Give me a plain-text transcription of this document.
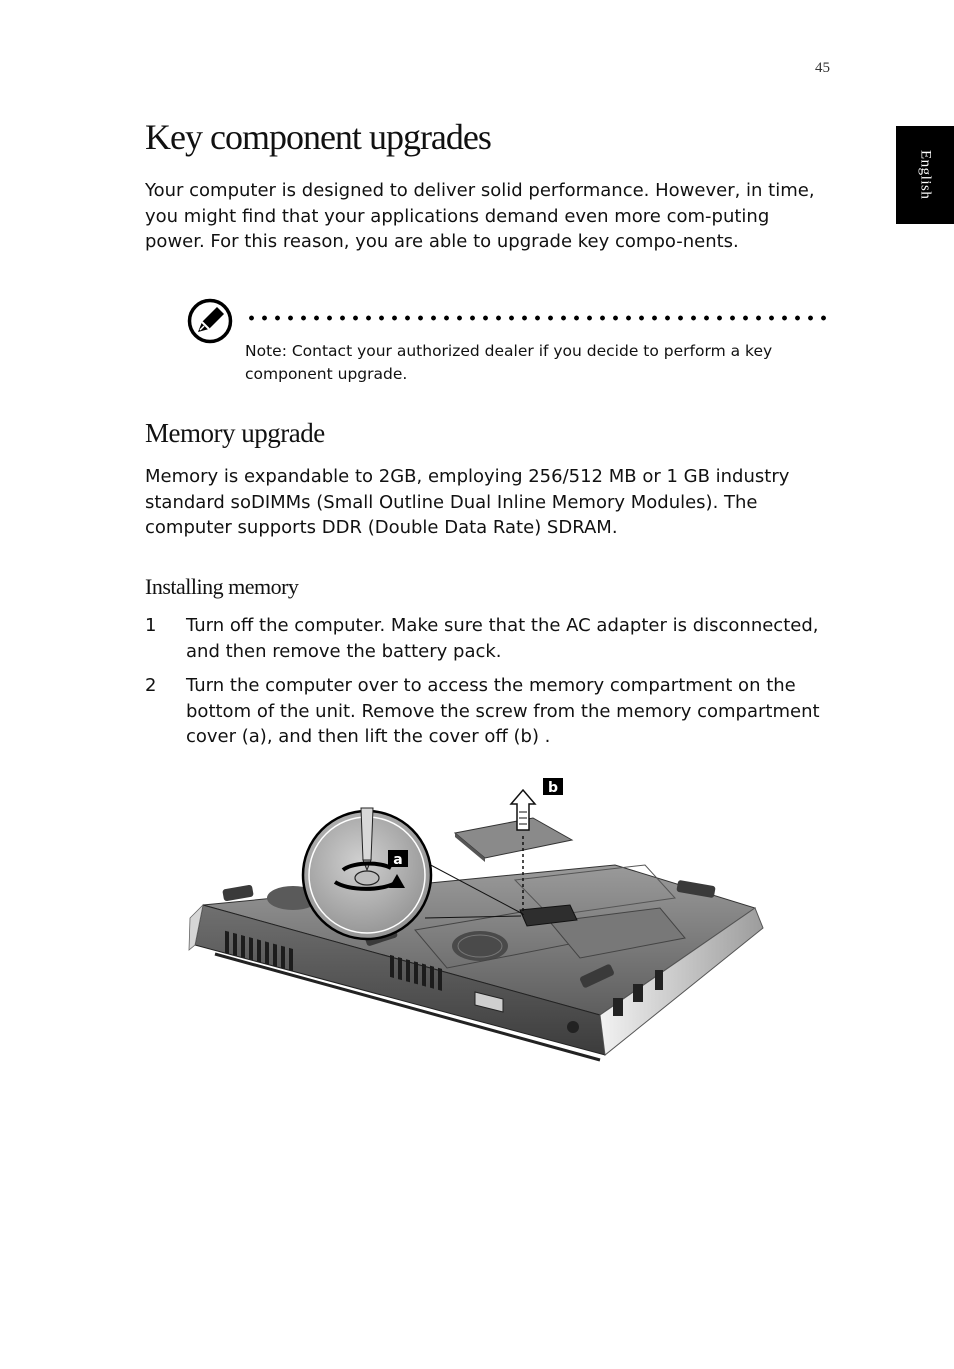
45
English
Key component upgrades

Your computer is designed to deliver solid performance. However, in time, you might find that your applications demand even more com-puting power. For this reason, you are able to upgrade key compo-nents.

Note: Contact your authorized dealer if you decide to perform a key component upgrade.

Memory upgrade

Memory is expandable to 2GB, employing 256/512 MB or 1 GB industry standard soDIMMs (Small Outline Dual Inline Memory Modules). The computer supports DDR (Double Data Rate) SDRAM.

Installing memory
1	Turn off the computer. Make sure that the AC adapter is disconnected, and then remove the battery pack.
2	Turn the computer over to access the memory compartment on the bottom of the unit. Remove the screw from the memory compartment cover (a), and then lift the cover off (b) .
b
a
